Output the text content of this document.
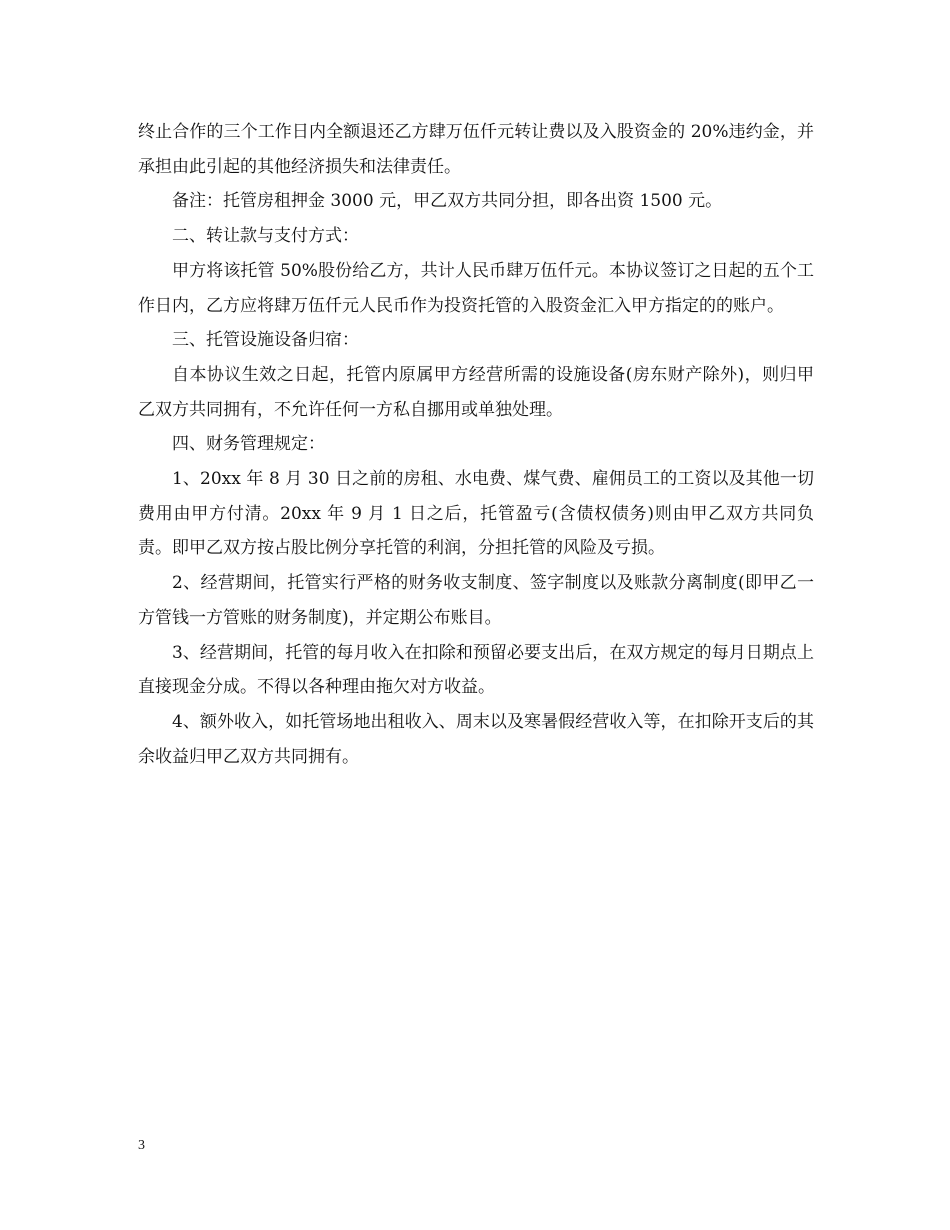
终止合作的三个工作日内全额退还乙方肆万伍仟元转让费以及入股资金的 20%违约金，并承担由此引起的其他经济损失和法律责任。

备注：托管房租押金 3000 元，甲乙双方共同分担，即各出资 1500 元。

二、转让款与支付方式：

甲方将该托管 50%股份给乙方，共计人民币肆万伍仟元。本协议签订之日起的五个工作日内，乙方应将肆万伍仟元人民币作为投资托管的入股资金汇入甲方指定的的账户。

三、托管设施设备归宿：

自本协议生效之日起，托管内原属甲方经营所需的设施设备(房东财产除外)，则归甲乙双方共同拥有，不允许任何一方私自挪用或单独处理。

四、财务管理规定：

1、20xx 年 8 月 30 日之前的房租、水电费、煤气费、雇佣员工的工资以及其他一切费用由甲方付清。20xx 年 9 月 1 日之后，托管盈亏(含债权债务)则由甲乙双方共同负责。即甲乙双方按占股比例分享托管的利润，分担托管的风险及亏损。

2、经营期间，托管实行严格的财务收支制度、签字制度以及账款分离制度(即甲乙一方管钱一方管账的财务制度)，并定期公布账目。

3、经营期间，托管的每月收入在扣除和预留必要支出后，在双方规定的每月日期点上直接现金分成。不得以各种理由拖欠对方收益。

4、额外收入，如托管场地出租收入、周末以及寒暑假经营收入等，在扣除开支后的其余收益归甲乙双方共同拥有。

3
